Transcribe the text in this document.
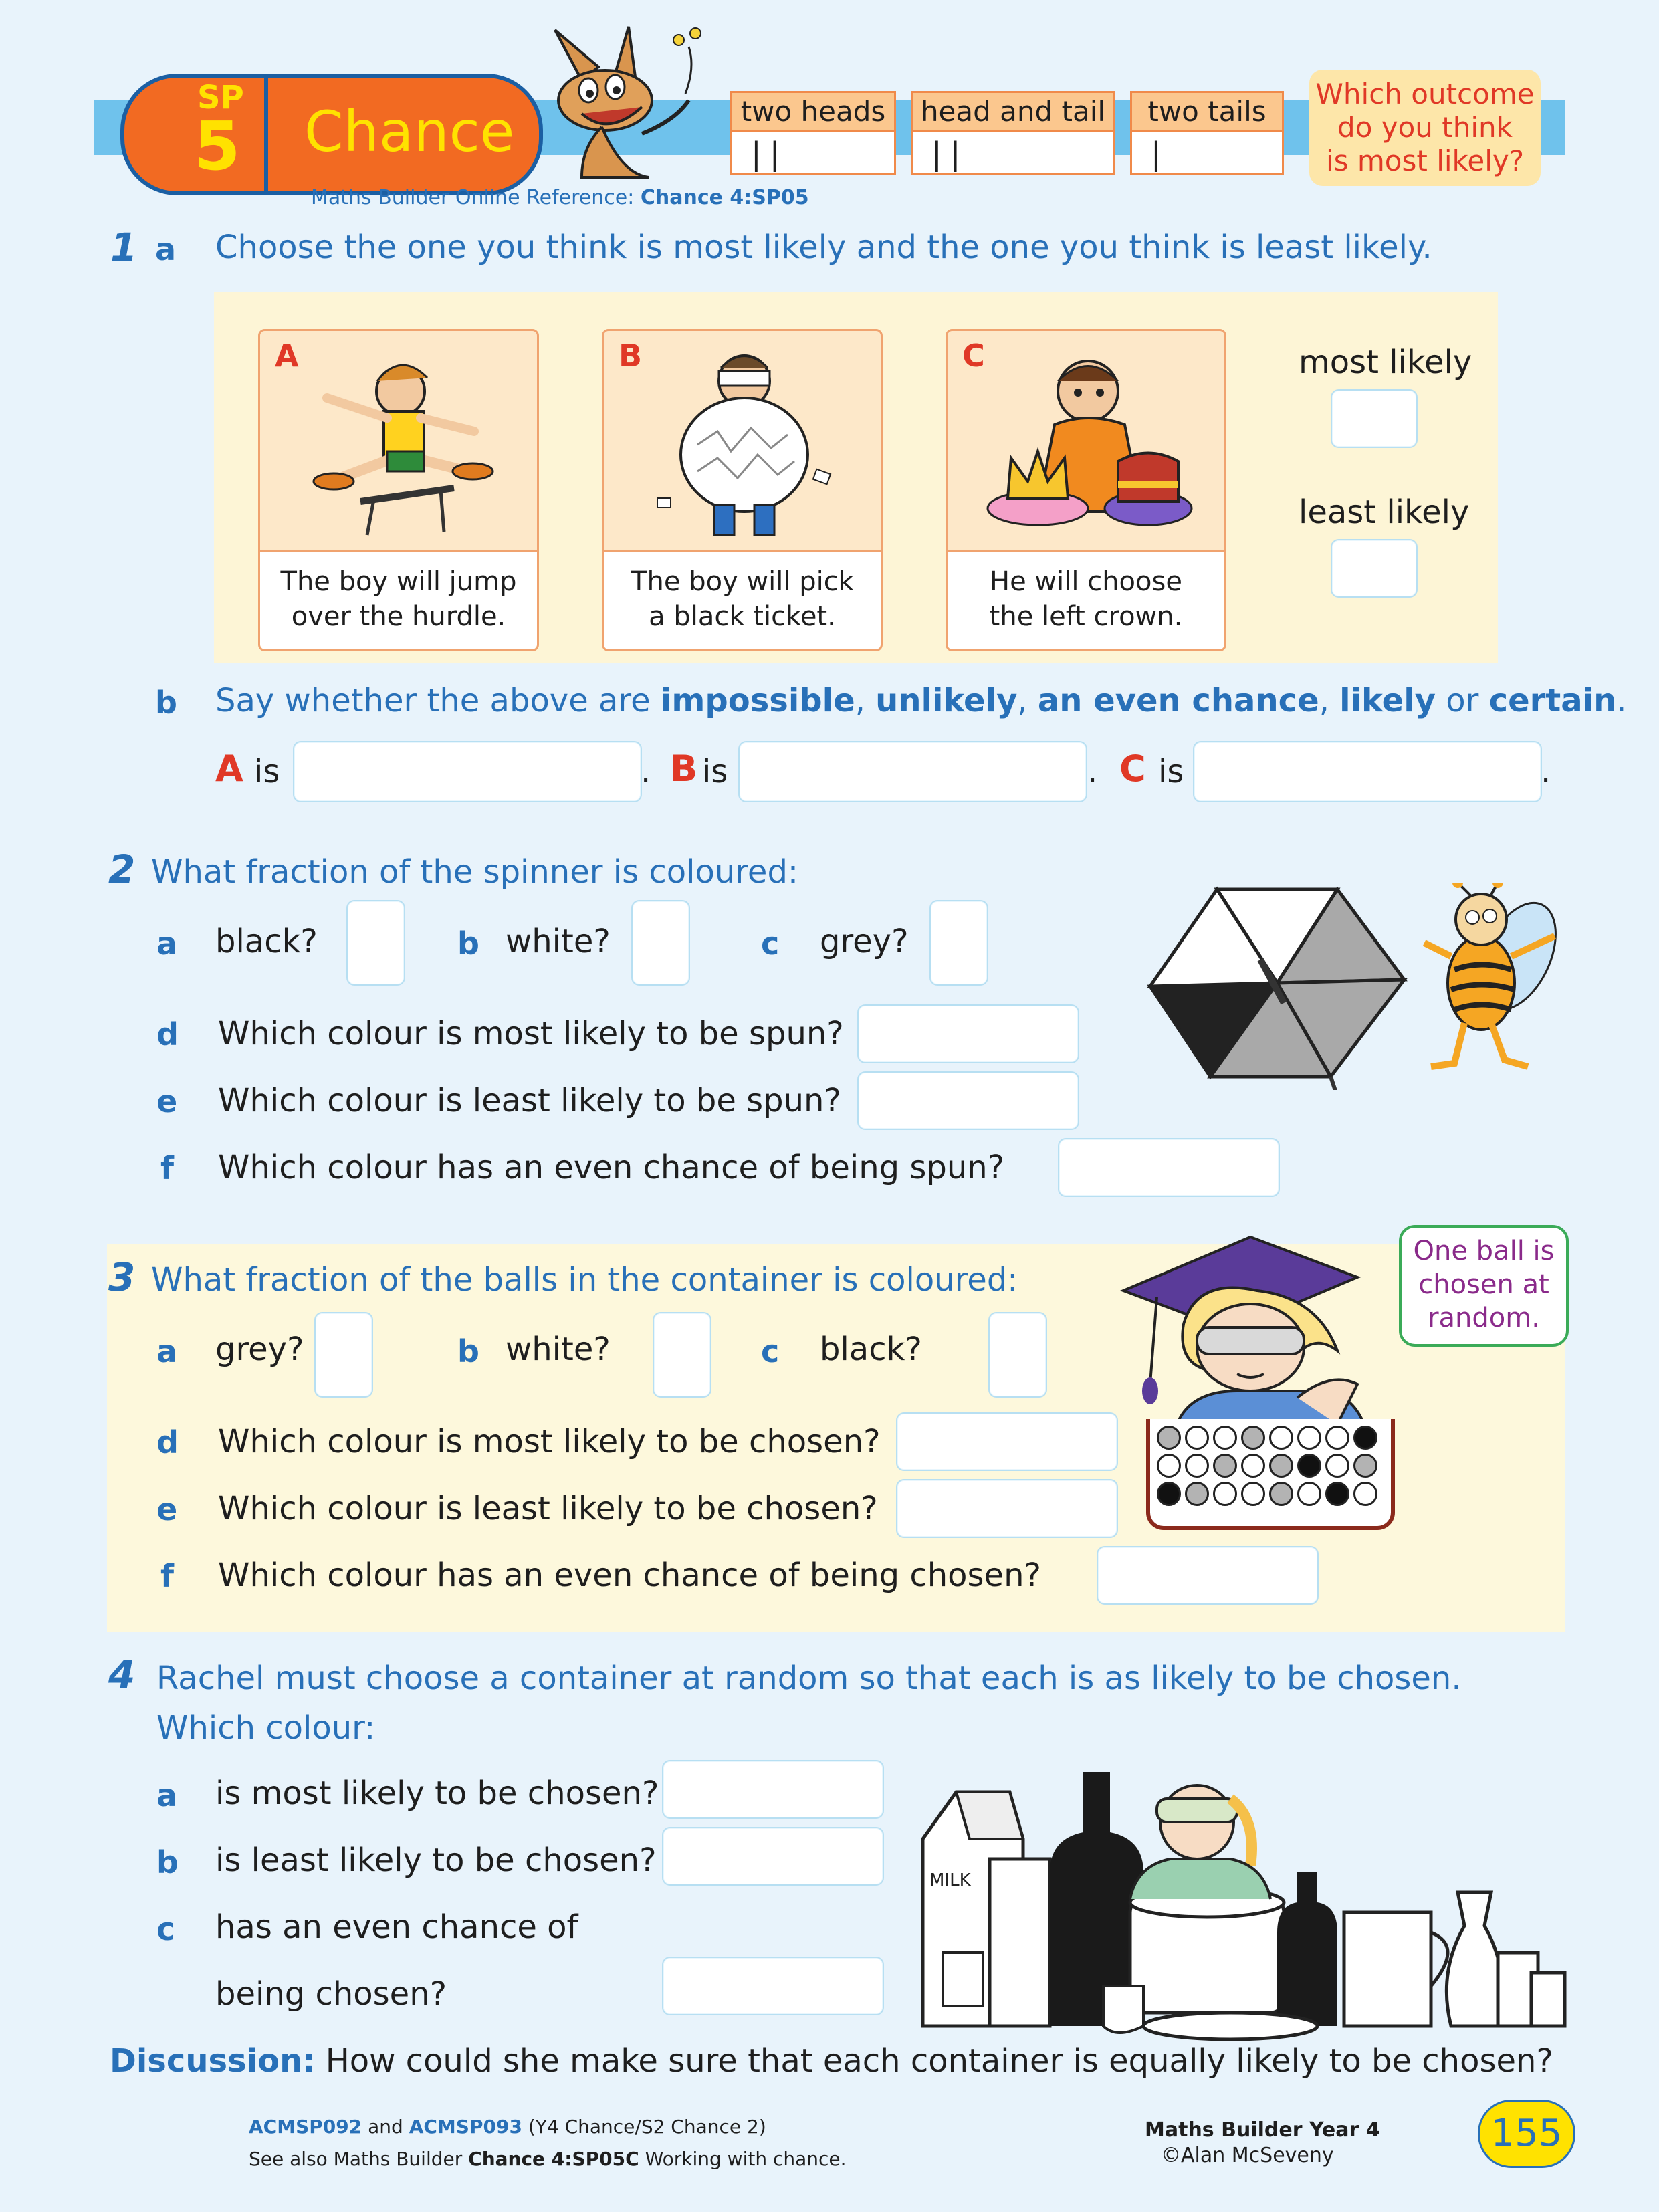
SP
5 Chance	two heads
||
head and tail
||
two tails
|
Which outcome
do you think
is most likely?
Maths Builder Online Reference: Chance 4:SP05
1 a Choose the one you think is most likely and the one you think is least likely.
A
The boy will jump
over the hurdle.
B
The boy will pick
a black ticket.
C
He will choose
the left crown.
most likely
least likely
b Say whether the above are impossible, unlikely, an even chance, likely or certain.
A is	. B is	. C is	.
2 What fraction of the spinner is coloured:
a black?	b white?	c grey?
d Which colour is most likely to be spun?
e Which colour is least likely to be spun?
f Which colour has an even chance of being spun?
3 What fraction of the balls in the container is coloured:
a grey?	b white?	c black?
d Which colour is most likely to be chosen?
e Which colour is least likely to be chosen?
f Which colour has an even chance of being chosen?
One ball is
chosen at
random.
4 Rachel must choose a container at random so that each is as likely to be chosen.
Which colour:
a is most likely to be chosen?
b is least likely to be chosen?
c has an even chance of
being chosen?
MILK
Discussion: How could she make sure that each container is equally likely to be chosen?
ACMSP092 and ACMSP093 (Y4 Chance/S2 Chance 2)
See also Maths Builder Chance 4:SP05C Working with chance.
Maths Builder Year 4
©Alan McSeveny
155
